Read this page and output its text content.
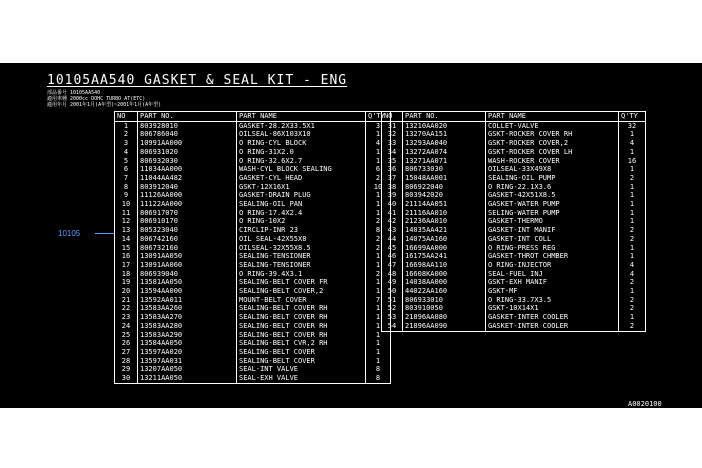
10105AA540 GASKET & SEAL KIT - ENG
部品番号 10105AA540
適用車種 2000cc DOHC TURBO AT(ETC)
適用年月 2001年1月(A年型)~2001年1月(A年型)
10105
NO	PART NO.	PART NAME	Q'TY
1	803928010	GASKET-28.2X33.5X1	3
2	806786040	OILSEAL-86X103X10	1
3	10991AA000	O RING-CYL BLOCK	4
4	806931020	O RING-31X2.0	1
5	806932030	O RING-32.6X2.7	1
6	11034AA000	WASH-CYL BLOCK SEALING	6
7	11044AA482	GASKET-CYL HEAD	2
8	803912040	GSKT-12X16X1	10
9	11126AA000	GASKET-DRAIN PLUG	1
10	11122AA000	SEALING-OIL PAN	1
11	806917070	O RING-17.4X2.4	1
12	806910170	O RING-10X2	2
13	805323040	CIRCLIP-INR 23	8
14	806742160	OIL SEAL-42X55X8	2
15	806732160	OILSEAL-32X55X8.5	2
16	13091AA050	SEALING-TENSIONER	1
17	13091AA060	SEALING-TENSIONER	1
18	806939040	O RING-39.4X3.1	2
19	13581AA050	SEALING-BELT COVER FR	1
20	13594AA000	SEALING-BELT COVER,2	1
21	13592AA011	MOUNT-BELT COVER	7
22	13583AA260	SEALING-BELT COVER RH	1
23	13583AA270	SEALING-BELT COVER RH	1
24	13583AA280	SEALING-BELT COVER RH	1
25	13583AA290	SEALING-BELT COVER RH	1
26	13584AA050	SEALING-BELT CVR,2 RH	1
27	13597AA020	SEALING-BELT COVER	1
28	13597AA031	SEALING-BELT COVER	1
29	13207AA050	SEAL-INT VALVE	8
30	13211AA050	SEAL-EXH VALVE	8
NO	PART NO.	PART NAME	Q'TY
31	13210AA020	COLLET-VALVE	32
32	13270AA151	GSKT-ROCKER COVER RH	1
33	13293AA040	GSKT-ROCKER COVER,2	4
34	13272AA074	GSKT-ROCKER COVER LH	1
35	13271AA071	WASH-ROCKER COVER	16
36	806733030	OILSEAL-33X49X8	1
37	15048AA001	SEALING-OIL PUMP	2
38	806922040	O RING-22.1X3.6	1
39	803942020	GASKET-42X51X8.5	1
40	21114AA051	GASKET-WATER PUMP	1
41	21116AA010	SELING-WATER PUMP	1
42	21236AA010	GASKET-THERMO	1
43	14035AA421	GASKET-INT MANIF	2
44	14075AA160	GASKET-INT COLL	2
45	16699AA000	O RING-PRESS REG	1
46	16175AA241	GASKET-THROT CHMBER	1
47	16698AA110	O RING-INJECTOR	4
48	16608KA000	SEAL-FUEL INJ	4
49	14038AA000	GSKT-EXH MANIF	2
50	44022AA160	GSKT-MF	1
51	806933010	O RING-33.7X3.5	2
52	803910050	GSKT-10X14X1	2
53	21896AA080	GASKET-INTER COOLER	1
54	21896AA090	GASKET-INTER COOLER	2
A0020100
